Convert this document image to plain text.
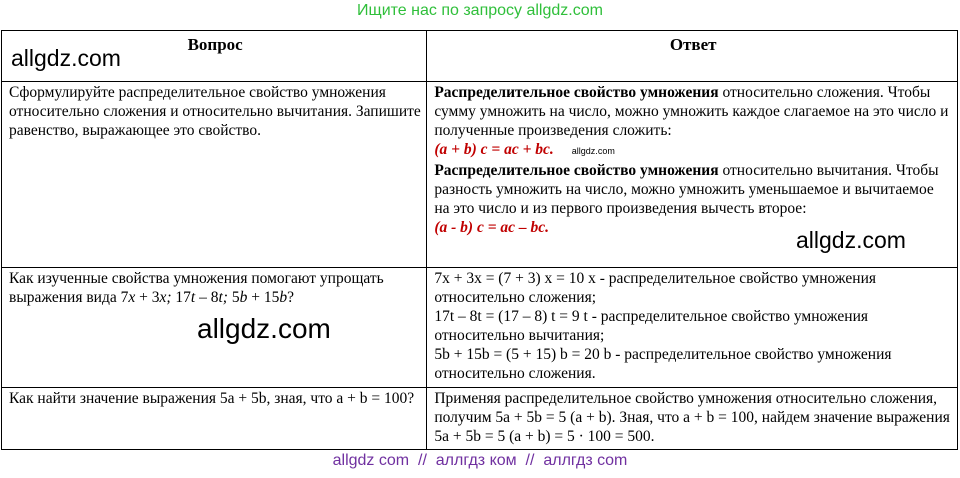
Ищите нас по запросу allgdz.com
Вопрос	Ответ
Сформулируйте распределительное свойство умножения относительно сложения и относительно вычитания. Запишите равенство, выражающее это свойство.	Распределительное свойство умножения относительно сложения. Чтобы сумму умножить на число, можно умножить каждое слагаемое на это число и полученные произведения сложить:
(a + b) c = ac + bc. allgdz.com
Распределительное свойство умножения относительно вычитания. Чтобы разность умножить на число, можно умножить уменьшаемое и вычитаемое на это число и из первого произведения вычесть второе:
(a - b) c = ac – bc.
Как изученные свойства умножения помогают упрощать выражения вида 7x + 3x; 17t – 8t; 5b + 15b?	7x + 3x = (7 + 3) x = 10 x - распределительное свойство умножения относительно сложения;
17t – 8t = (17 – 8) t = 9 t - распределительное свойство умножения относительно вычитания;
5b + 15b = (5 + 15) b = 20 b - распределительное свойство умножения относительно сложения.

Как найти значение выражения 5a + 5b, зная, что a + b = 100?	Применяя распределительное свойство умножения относительно сложения, получим 5a + 5b = 5 (a + b). Зная, что a + b = 100, найдем значение выражения 5a + 5b = 5 (a + b) = 5 · 100 = 500.
allgdz.com
allgdz.com
allgdz.com
allgdz com  //  аллгдз ком  //  аллгдз com
